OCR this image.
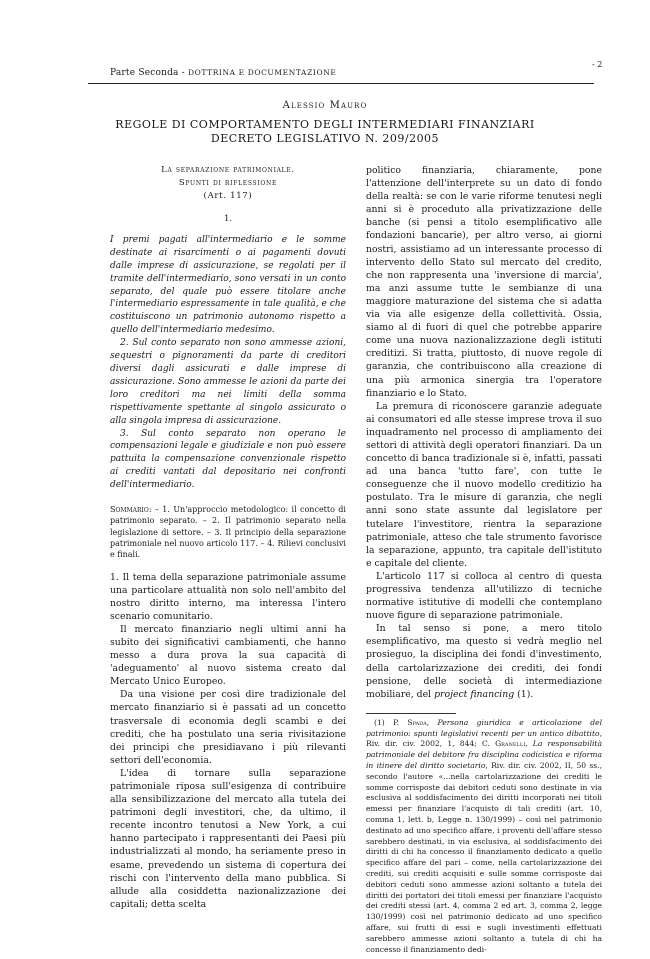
Parte Seconda - DOTTRINA E DOCUMENTAZIONE
- 2
Alessio Mauro
REGOLE DI COMPORTAMENTO DEGLI INTERMEDIARI FINANZIARI
DECRETO LEGISLATIVO N. 209/2005
La separazione patrimoniale.
Spunti di riflessione
(Art. 117)
1.

I premi pagati all'intermediario e le somme destinate ai risarcimenti o ai pagamenti dovuti dalle imprese di assicurazione, se regolati per il tramite dell'intermediario, sono versati in un conto separato, del quale può essere titolare anche l'intermediario espressamente in tale qualità, e che costituiscono un patrimonio autonomo rispetto a quello dell'intermediario medesimo.

2. Sul conto separato non sono ammesse azioni, sequestri o pignoramenti da parte di creditori diversi dagli assicurati e dalle imprese di assicurazione. Sono ammesse le azioni da parte dei loro creditori ma nei limiti della somma rispettivamente spettante al singolo assicurato o alla singola impresa di assicurazione.

3. Sul conto separato non operano le compensazioni legale e giudiziale e non può essere pattuita la compensazione convenzionale rispetto ai crediti vantati dal depositario nei confronti dell'intermediario.

Sommario: – 1. Un'approccio metodologico: il concetto di patrimonio separato. – 2. Il patrimonio separato nella legislazione di settore. – 3. Il principio della separazione patrimoniale nel nuovo articolo 117. – 4. Rilievi conclusivi e finali.

1. Il tema della separazione patrimoniale assume una particolare attualità non solo nell'ambito del nostro diritto interno, ma interessa l'intero scenario comunitario.

Il mercato finanziario negli ultimi anni ha subito dei significativi cambiamenti, che hanno messo a dura prova la sua capacità di 'adeguamento' al nuovo sistema creato dal Mercato Unico Europeo.

Da una visione per così dire tradizionale del mercato finanziario si è passati ad un concetto trasversale di economia degli scambi e dei crediti, che ha postulato una seria rivisitazione dei principi che presidiavano i più rilevanti settori dell'economia.

L'idea di tornare sulla separazione patrimoniale riposa sull'esigenza di contribuire alla sensibilizzazione del mercato alla tutela dei patrimoni degli investitori, che, da ultimo, il recente incontro tenutosi a New York, a cui hanno partecipato i rappresentanti dei Paesi più industrializzati al mondo, ha seriamente preso in esame, prevedendo un sistema di copertura dei rischi con l'intervento della mano pubblica. Si allude alla cosiddetta nazionalizzazione dei capitali; detta scelta

politico finanziaria, chiaramente, pone l'attenzione dell'interprete su un dato di fondo della realtà: se con le varie riforme tenutesi negli anni si è proceduto alla privatizzazione delle banche (si pensi a titolo esemplificativo alle fondazioni bancarie), per altro verso, ai giorni nostri, assistiamo ad un interessante processo di intervento dello Stato sul mercato del credito, che non rappresenta una 'inversione di marcia', ma anzi assume tutte le sembianze di una maggiore maturazione del sistema che si adatta via via alle esigenze della collettività. Ossia, siamo al di fuori di quel che potrebbe apparire come una nuova nazionalizzazione degli istituti creditizi. Si tratta, piuttosto, di nuove regole di garanzia, che contribuiscono alla creazione di una più armonica sinergia tra l'operatore finanziario e lo Stato.

La premura di riconoscere garanzie adeguate ai consumatori ed alle stesse imprese trova il suo inquadramento nel processo di ampliamento dei settori di attività degli operatori finanziari. Da un concetto di banca tradizionale si è, infatti, passati ad una banca 'tutto fare', con tutte le conseguenze che il nuovo modello creditizio ha postulato. Tra le misure di garanzia, che negli anni sono state assunte dal legislatore per tutelare l'investitore, rientra la separazione patrimoniale, atteso che tale strumento favorisce la separazione, appunto, tra capitale dell'istituto e capitale del cliente.

L'articolo 117 si colloca al centro di questa progressiva tendenza all'utilizzo di tecniche normative istitutive di modelli che contemplano nuove figure di separazione patrimoniale.

In tal senso si pone, a mero titolo esemplificativo, ma questo si vedrà meglio nel prosieguo, la disciplina dei fondi d'investimento, della cartolarizzazione dei crediti, dei fondi pensione, delle società di intermediazione mobiliare, del project financing (1).

(1) P. Spada, Persona giuridica e articolazione del patrimonio: spunti legislativi recenti per un antico dibattito, Riv. dir. civ. 2002, 1, 844; C. Granelli, La responsabilità patrimoniale del debitore fra disciplina codicistica e riforma in itinere del diritto societario, Riv. dir. civ. 2002, II, 50 ss., secondo l'autore «...nella cartolarizzazione dei crediti le somme corrisposte dai debitori ceduti sono destinate in via esclusiva al soddisfacimento dei diritti incorporati nei titoli emessi per finanziare l'acquisto di tali crediti (art. 10, comma 1, lett. b, Legge n. 130/1999) – così nel patrimonio destinato ad uno specifico affare, i proventi dell'affare stesso sarebbero destinati, in via esclusiva, al soddisfacimento dei diritti di chi ha concesso il finanziamento dedicato a quello specifico affare del pari – come, nella cartolarizzazione dei crediti, sui crediti acquisiti e sulle somme corrisposte dai debitori ceduti sono ammesse azioni soltanto a tutela dei diritti dei portatori dei titoli emessi per finanziare l'acquisto dei crediti stessi (art. 4, comma 2 ed art. 3, comma 2, legge 130/1999) così nel patrimonio dedicato ad uno specifico affare, sui frutti di essi e sugli investimenti effettuati sarebbero ammesse azioni soltanto a tutela di chi ha concesso il finanziamento dedi-
